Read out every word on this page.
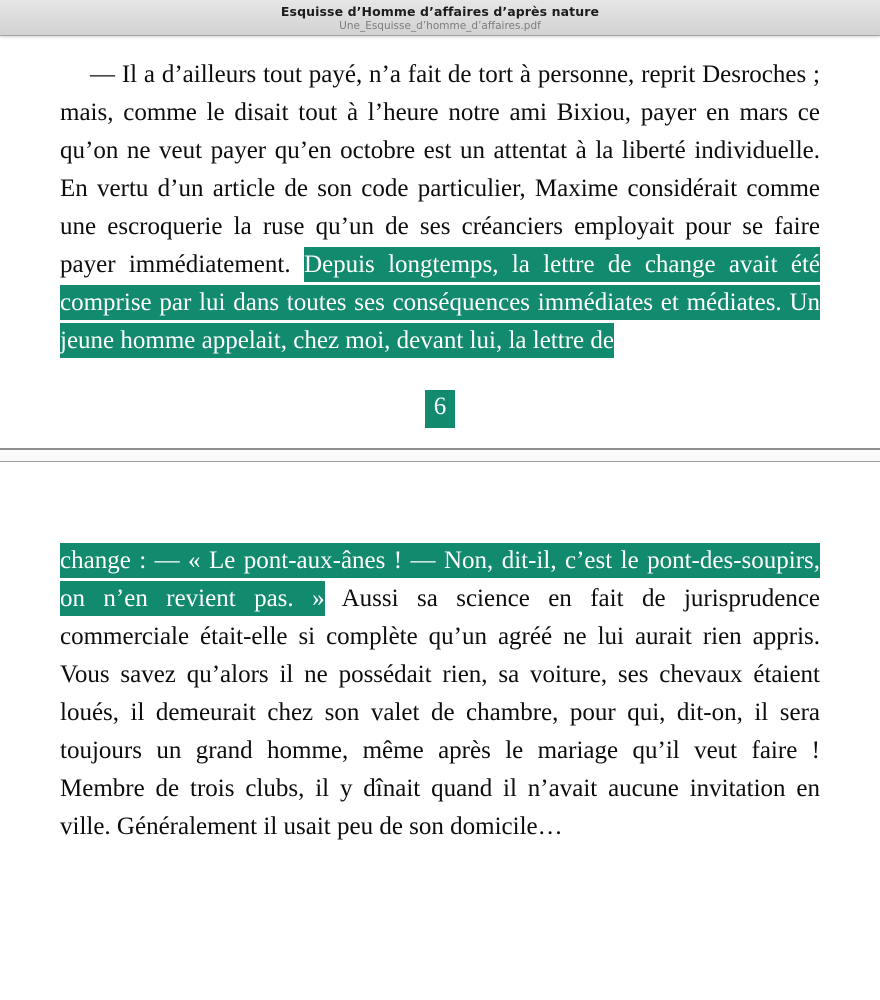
Esquisse d’Homme d’affaires d’après nature
Une_Esquisse_d’homme_d’affaires.pdf

— Il a d’ailleurs tout payé, n’a fait de tort à personne, reprit Desroches ; mais, comme le disait tout à l’heure notre ami Bixiou, payer en mars ce qu’on ne veut payer qu’en octobre est un attentat à la liberté individuelle. En vertu d’un article de son code particulier, Maxime considérait comme une escroquerie la ruse qu’un de ses créanciers employait pour se faire payer immédiatement. Depuis longtemps, la lettre de change avait été comprise par lui dans toutes ses conséquences immédiates et médiates. Un jeune homme appelait, chez moi, devant lui, la lettre de

6

change : — « Le pont-aux-ânes ! — Non, dit-il, c’est le pont-des-soupirs, on n’en revient pas. » Aussi sa science en fait de jurisprudence commerciale était-elle si complète qu’un agréé ne lui aurait rien appris. Vous savez qu’alors il ne possédait rien, sa voiture, ses chevaux étaient loués, il demeurait chez son valet de chambre, pour qui, dit-on, il sera toujours un grand homme, même après le mariage qu’il veut faire ! Membre de trois clubs, il y dînait quand il n’avait aucune invitation en ville. Généralement il usait peu de son domicile…
